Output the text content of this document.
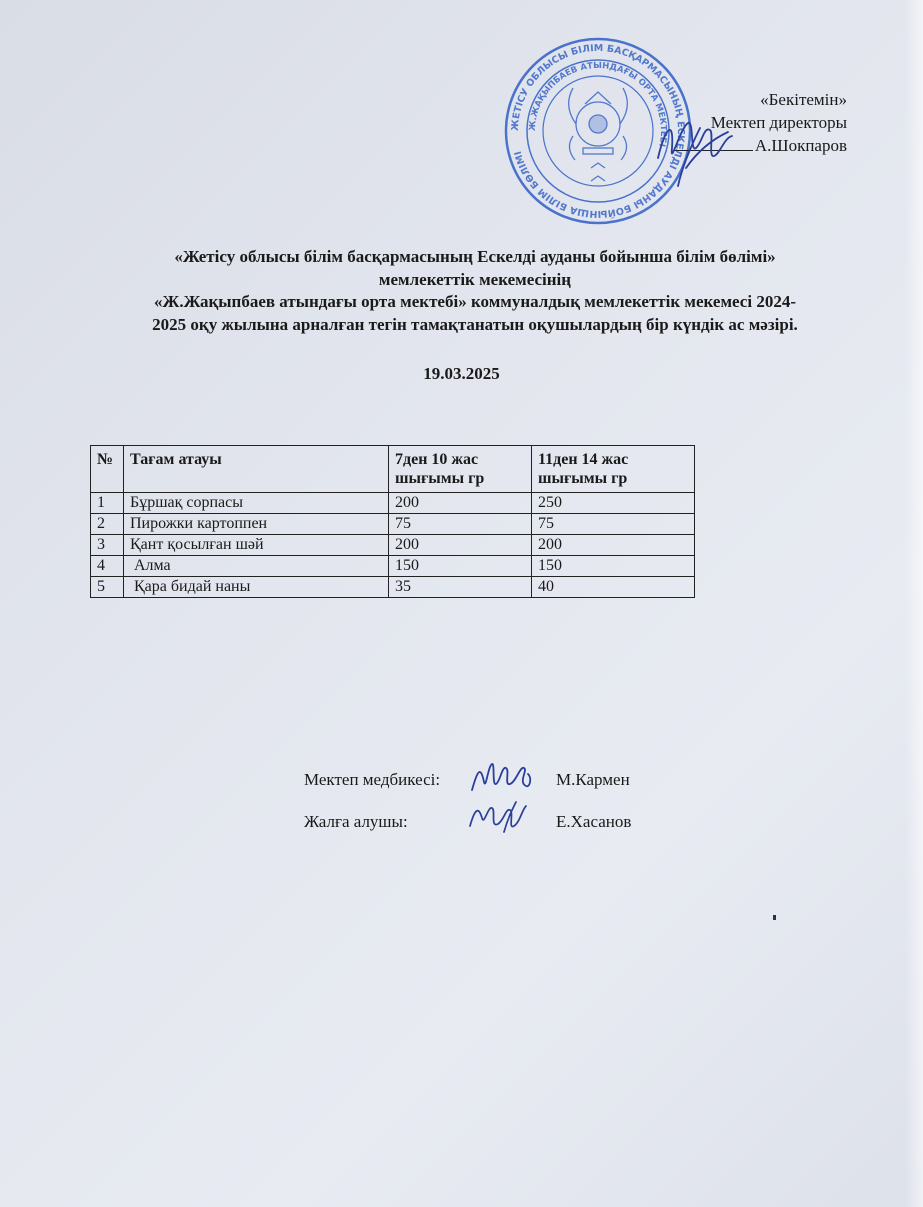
ЖЕТІСУ ОБЛЫСЫ БІЛІМ БАСҚАРМАСЫНЫҢ ЕСКЕЛДІ АУДАНЫ БОЙЫНША БІЛІМ БӨЛІМІ
Ж.ЖАҚЫПБАЕВ АТЫНДАҒЫ ОРТА МЕКТЕБІ
«Бекітемін»
Мектеп директоры
А.Шокпаров
«Жетісу облысы білім басқармасының Ескелді ауданы бойынша білім бөлімі»
мемлекеттік мекемесінің
«Ж.Жақыпбаев атындағы орта мектебі» коммуналдық мемлекеттік мекемесі 2024-
2025 оқу жылына арналған тегін тамақтанатын оқушылардың бір күндік ас мәзірі.
19.03.2025
№	Тағам атауы	7ден 10 жас шығымы гр	11ден 14 жас шығымы гр
1	Бұршақ сорпасы	200	250
2	Пирожки картоппен	75	75
3	Қант қосылған шәй	200	200
4	Алма	150	150
5	Қара бидай наны	35	40
Мектеп медбикесі:	М.Кармен
Жалға алушы:	Е.Хасанов
